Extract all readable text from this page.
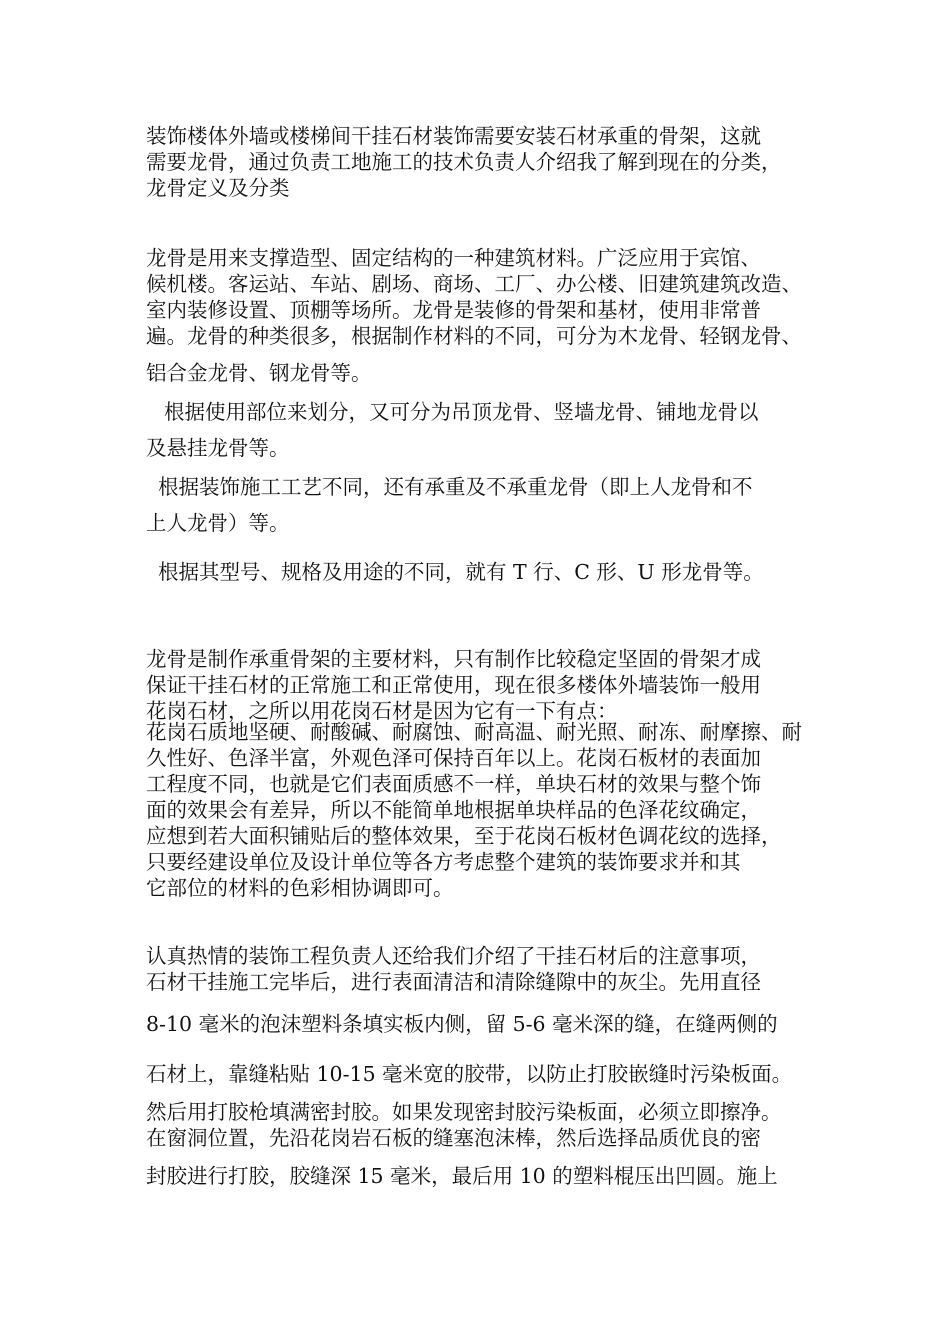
装饰楼体外墙或楼梯间干挂石材装饰需要安装石材承重的骨架，这就
需要龙骨，通过负责工地施工的技术负责人介绍我了解到现在的分类，
龙骨定义及分类
龙骨是用来支撑造型、固定结构的一种建筑材料。广泛应用于宾馆、
候机楼。客运站、车站、剧场、商场、工厂、办公楼、旧建筑建筑改造、
室内装修设置、顶棚等场所。龙骨是装修的骨架和基材，使用非常普
遍。龙骨的种类很多，根据制作材料的不同，可分为木龙骨、轻钢龙骨、
铝合金龙骨、钢龙骨等。
根据使用部位来划分，又可分为吊顶龙骨、竖墙龙骨、铺地龙骨以
及悬挂龙骨等。
根据装饰施工工艺不同，还有承重及不承重龙骨（即上人龙骨和不
上人龙骨）等。
根据其型号、规格及用途的不同，就有 T 行、C 形、U 形龙骨等。
龙骨是制作承重骨架的主要材料，只有制作比较稳定坚固的骨架才成
保证干挂石材的正常施工和正常使用，现在很多楼体外墙装饰一般用
花岗石材，之所以用花岗石材是因为它有一下有点：
花岗石质地坚硬、耐酸碱、耐腐蚀、耐高温、耐光照、耐冻、耐摩擦、耐
久性好、色泽半富，外观色泽可保持百年以上。花岗石板材的表面加
工程度不同，也就是它们表面质感不一样，单块石材的效果与整个饰
面的效果会有差异，所以不能简单地根据单块样品的色泽花纹确定，
应想到若大面积铺贴后的整体效果，至于花岗石板材色调花纹的选择，
只要经建设单位及设计单位等各方考虑整个建筑的装饰要求并和其
它部位的材料的色彩相协调即可。
认真热情的装饰工程负责人还给我们介绍了干挂石材后的注意事项，
石材干挂施工完毕后，进行表面清洁和清除缝隙中的灰尘。先用直径
8-10 毫米的泡沫塑料条填实板内侧，留 5-6 毫米深的缝，在缝两侧的
石材上，靠缝粘贴 10-15 毫米宽的胶带，以防止打胶嵌缝时污染板面。
然后用打胶枪填满密封胶。如果发现密封胶污染板面，必须立即擦净。
在窗洞位置，先沿花岗岩石板的缝塞泡沫棒，然后选择品质优良的密
封胶进行打胶，胶缝深 15 毫米，最后用 10 的塑料棍压出凹圆。施上
